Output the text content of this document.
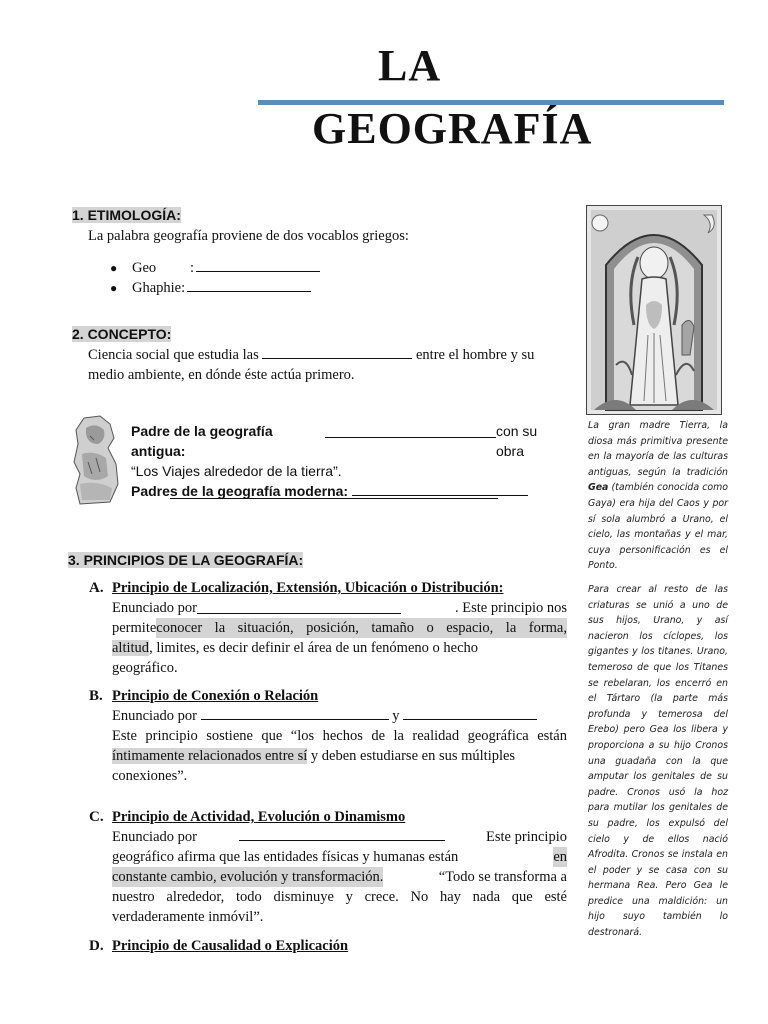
LA
GEOGRAFÍA
1. ETIMOLOGÍA:
La palabra geografía proviene de dos vocablos griegos:
●	Geo	:
●	Ghaphie:
2. CONCEPTO:
Ciencia social que estudia las	entre el hombre y su
medio ambiente, en dónde éste actúa primero.
Padre de la geografía antigua:
con su obra
“Los Viajes alrededor de la tierra”.
Padres de la geografía moderna:
3. PRINCIPIOS DE LA GEOGRAFÍA:
A. Principio de Localización, Extensión, Ubicación o Distribución:
Enunciado por	. Este principio nos
permite conocer la situación, posición, tamaño o espacio, la forma,
altitud, limites, es decir definir el área de un fenómeno o hecho
geográfico.
B. Principio de Conexión o Relación
Enunciado por	y
Este principio sostiene que “los hechos de la realidad geográfica están
íntimamente relacionados entre sí y deben estudiarse en sus múltiples
conexiones”.
C. Principio de Actividad, Evolución o Dinamismo
Enunciado por	Este principio
geográfico afirma que las entidades físicas y humanas están	en
constante cambio, evolución y transformación.	“Todo se transforma a
nuestro alrededor, todo disminuye y crece. No hay nada que esté
verdaderamente inmóvil”.
D. Principio de Causalidad o Explicación
La gran madre Tierra, la diosa más primitiva presente en la mayoría de las culturas antiguas, según la tradición Gea (también conocida como Gaya) era hija del Caos y por sí sola alumbró a Urano, el cielo, las montañas y el mar, cuya personificación es el Ponto.
Para crear al resto de las criaturas se unió a uno de sus hijos, Urano, y así nacieron los cíclopes, los gigantes y los titanes. Urano, temeroso de que los Titanes se rebelaran, los encerró en el Tártaro (la parte más profunda y temerosa del Erebo) pero Gea los libera y proporciona a su hijo Cronos una guadaña con la que amputar los genitales de su padre. Cronos usó la hoz para mutilar los genitales de su padre, los expulsó del cielo y de ellos nació Afrodita. Cronos se instala en el poder y se casa con su hermana Rea. Pero Gea le predice una maldición: un hijo suyo también lo destronará.
